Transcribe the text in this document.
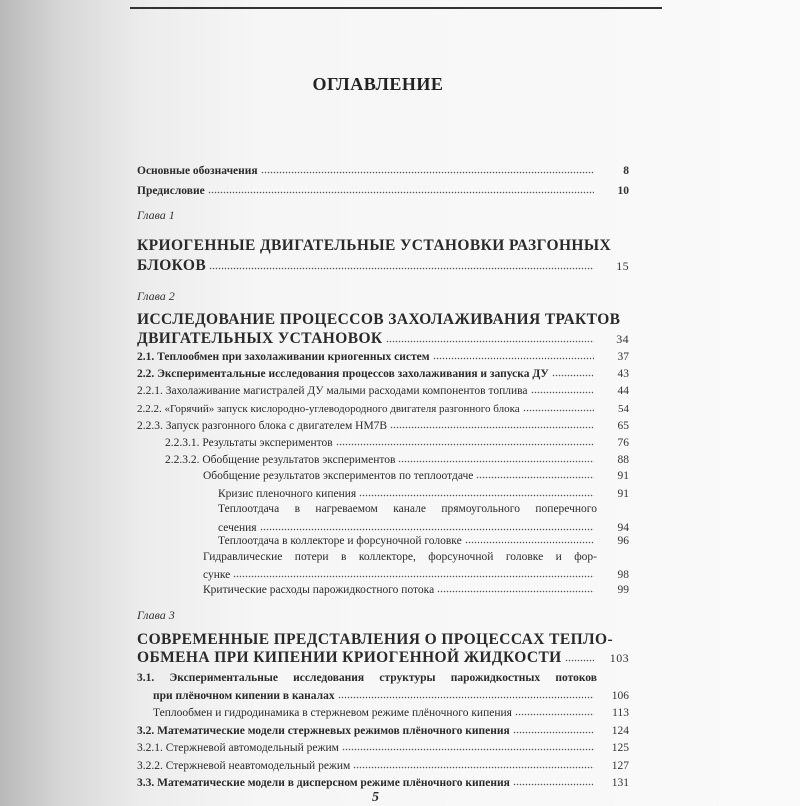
ОГЛАВЛЕНИЕ
Основные обозначения	8
Предисловие	10
Глава 1
КРИОГЕННЫЕ ДВИГАТЕЛЬНЫЕ УСТАНОВКИ РАЗГОННЫХ
БЛОКОВ	15
Глава 2
ИССЛЕДОВАНИЕ ПРОЦЕССОВ ЗАХОЛАЖИВАНИЯ ТРАКТОВ
ДВИГАТЕЛЬНЫХ УСТАНОВОК	34
2.1. Теплообмен при захолаживании криогенных систем	37
2.2. Экспериментальные исследования процессов захолаживания и запуска ДУ	43
2.2.1. Захолаживание магистралей ДУ малыми расходами компонентов топлива	44
2.2.2. «Горячий» запуск кислородно-углеводородного двигателя разгонного блока	54
2.2.3. Запуск разгонного блока с двигателем НМ7В	65
2.2.3.1. Результаты экспериментов	76
2.2.3.2. Обобщение результатов экспериментов	88
Обобщение результатов экспериментов по теплоотдаче	91
Кризис пленочного кипения	91
Теплоотдача в нагреваемом канале прямоугольного поперечного
сечения	94
Теплоотдача в коллекторе и форсуночной головке	96
Гидравлические потери в коллекторе, форсуночной головке и фор-
сунке	98
Критические расходы парожидкостного потока	99
Глава 3
СОВРЕМЕННЫЕ ПРЕДСТАВЛЕНИЯ О ПРОЦЕССАХ ТЕПЛО-
ОБМЕНА ПРИ КИПЕНИИ КРИОГЕННОЙ ЖИДКОСТИ	103
3.1. Экспериментальные исследования структуры парожидкостных потоков
при плёночном кипении в каналах	106
Теплообмен и гидродинамика в стержневом режиме плёночного кипения	113
3.2. Математические модели стержневых режимов плёночного кипения	124
3.2.1. Стержневой автомодельный режим	125
3.2.2. Стержневой неавтомодельный режим	127
3.3. Математические модели в дисперсном режиме плёночного кипения	131
5
